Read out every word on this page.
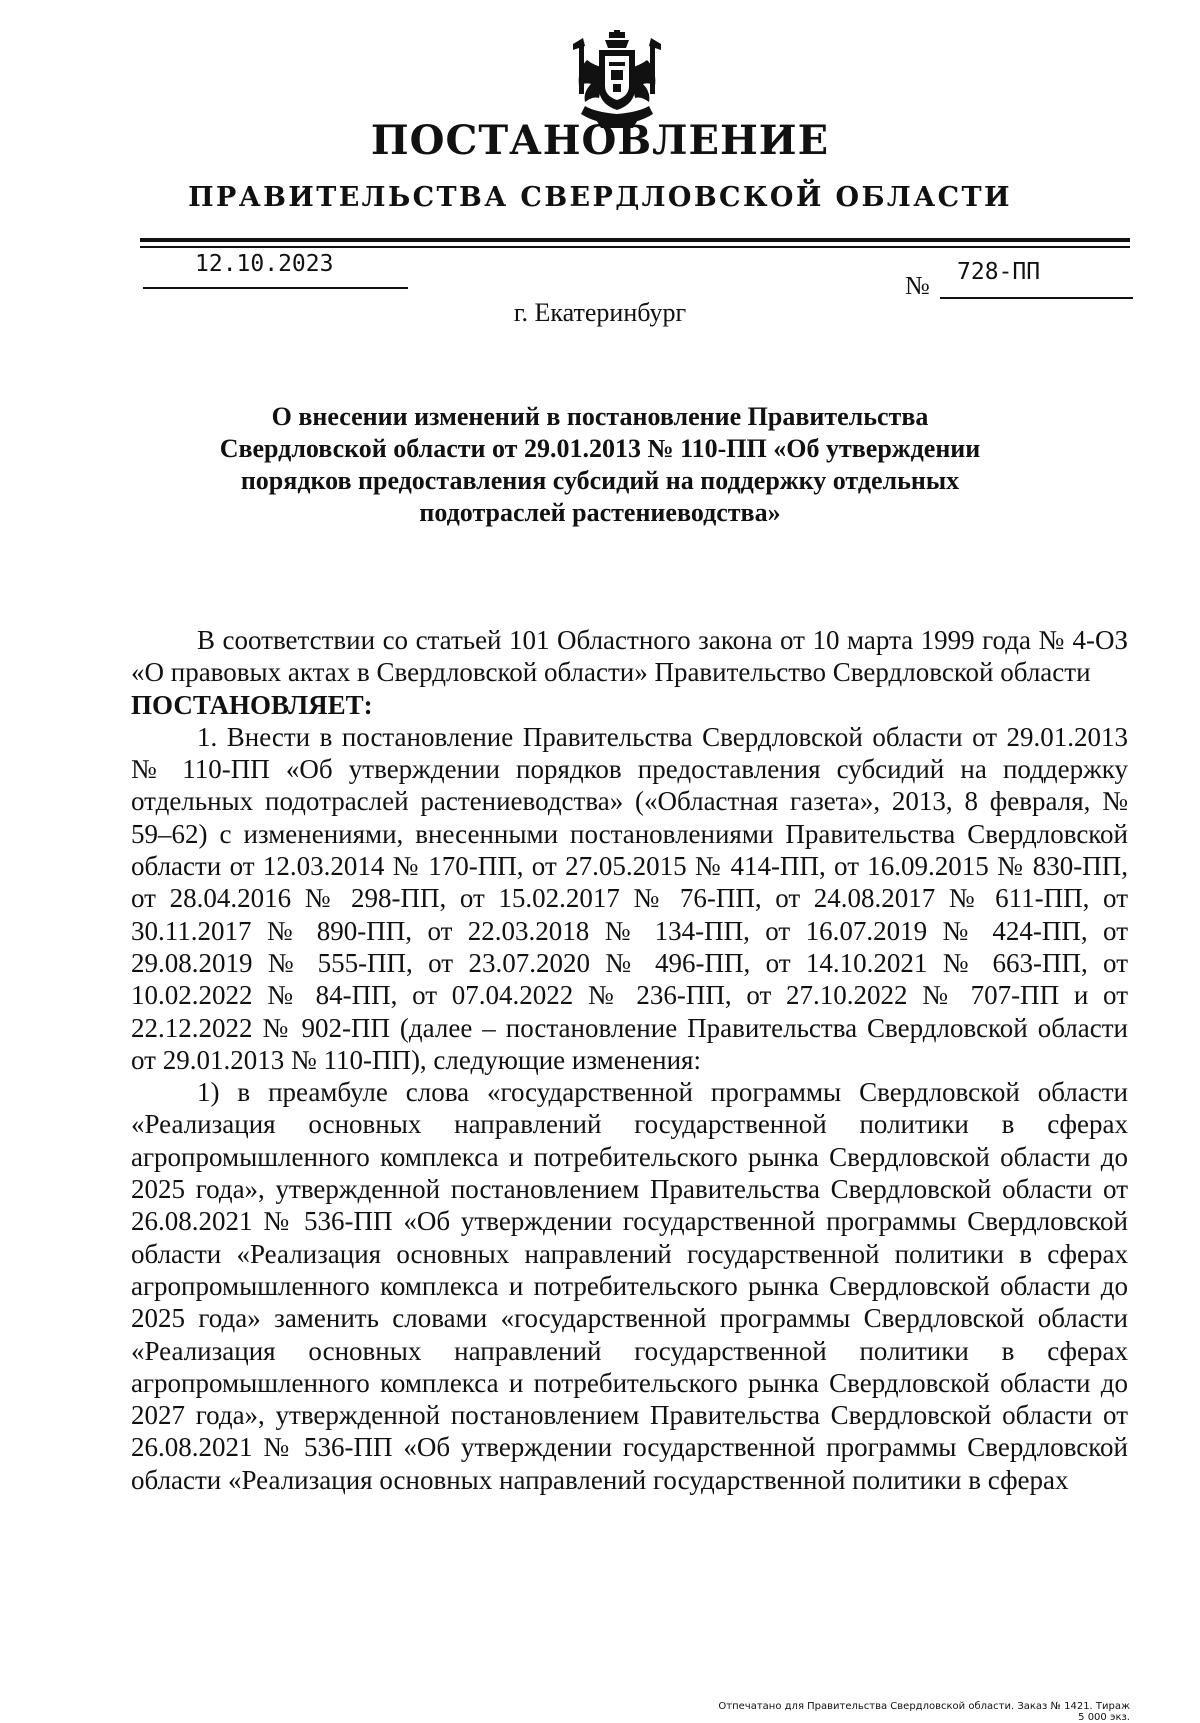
ПОСТАНОВЛЕНИЕ
ПРАВИТЕЛЬСТВА СВЕРДЛОВСКОЙ ОБЛАСТИ
12.10.2023
№ 728-ПП
г. Екатеринбург
О внесении изменений в постановление Правительства Свердловской области от 29.01.2013 № 110-ПП «Об утверждении порядков предоставления субсидий на поддержку отдельных подотраслей растениеводства»

В соответствии со статьей 101 Областного закона от 10 марта 1999 года № 4-ОЗ «О правовых актах в Свердловской области» Правительство Свердловской области

ПОСТАНОВЛЯЕТ:

1. Внести в постановление Правительства Свердловской области от 29.01.2013 № 110-ПП «Об утверждении порядков предоставления субсидий на поддержку отдельных подотраслей растениеводства» («Областная газета», 2013, 8 февраля, № 59–62) с изменениями, внесенными постановлениями Правительства Свердловской области от 12.03.2014 № 170-ПП, от 27.05.2015 № 414-ПП, от 16.09.2015 № 830-ПП, от 28.04.2016 № 298-ПП, от 15.02.2017 № 76-ПП, от 24.08.2017 № 611-ПП, от 30.11.2017 № 890-ПП, от 22.03.2018 № 134-ПП, от 16.07.2019 № 424-ПП, от 29.08.2019 № 555-ПП, от 23.07.2020 № 496-ПП, от 14.10.2021 № 663-ПП, от 10.02.2022 № 84-ПП, от 07.04.2022 № 236-ПП, от 27.10.2022 № 707-ПП и от 22.12.2022 № 902-ПП (далее – постановление Правительства Свердловской области от 29.01.2013 № 110-ПП), следующие изменения:

1) в преамбуле слова «государственной программы Свердловской области «Реализация основных направлений государственной политики в сферах агропромышленного комплекса и потребительского рынка Свердловской области до 2025 года», утвержденной постановлением Правительства Свердловской области от 26.08.2021 № 536-ПП «Об утверждении государственной программы Свердловской области «Реализация основных направлений государственной политики в сферах агропромышленного комплекса и потребительского рынка Свердловской области до 2025 года» заменить словами «государственной программы Свердловской области «Реализация основных направлений государственной политики в сферах агропромышленного комплекса и потребительского рынка Свердловской области до 2027 года», утвержденной постановлением Правительства Свердловской области от 26.08.2021 № 536-ПП «Об утверждении государственной программы Свердловской области «Реализация основных направлений государственной политики в сферах

Отпечатано для Правительства Свердловской области. Заказ № 1421. Тираж 5 000 экз.
